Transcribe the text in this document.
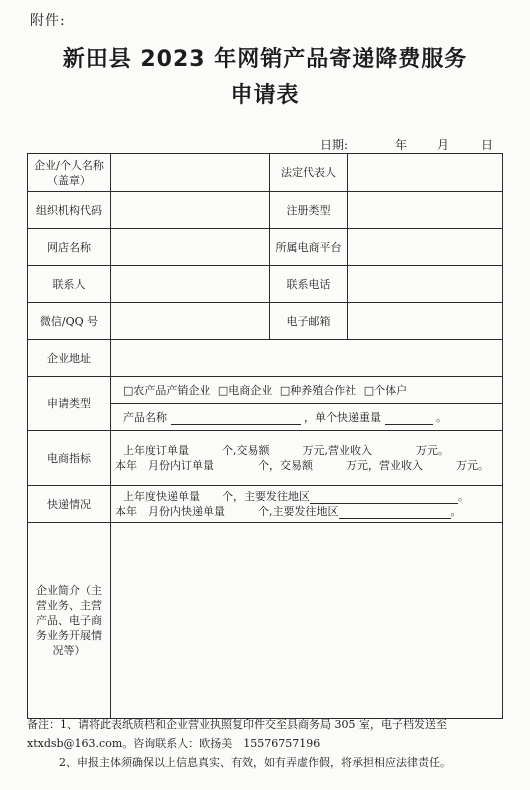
附件:
新田县 2023 年网销产品寄递降费服务
申请表
日期:	年	月	日
企业/个人名称（盖章）		法定代表人	
组织机构代码		注册类型	
网店名称		所属电商平台	
联系人		联系电话	
微信/QQ 号		电子邮箱	
企业地址			
申请类型	□农产品产销企业 □电商企业 □种养殖合作社 □个体户		
	产品名称 ，单个快递重量 。		
电商指标	上年度订单量　　　个,交易额　　　万元,营业收入　　　　万元。
本年　月份内订单量　　　　个，交易额　　　万元，营业收入　　　万元。		

快递情况	上年度快递单量　　个，主要发往地区 。
本年　月份内快递单量　　　个,主要发往地区 。		

企业简介（主营业务、主营产品、电子商务业务开展情况等）			

备注：1、请将此表纸质档和企业营业执照复印件交至县商务局 305 室，电子档发送至 xtxdsb@163.com。咨询联系人：欧扬美　15576757196

2、申报主体须确保以上信息真实、有效，如有弄虚作假，将承担相应法律责任。
